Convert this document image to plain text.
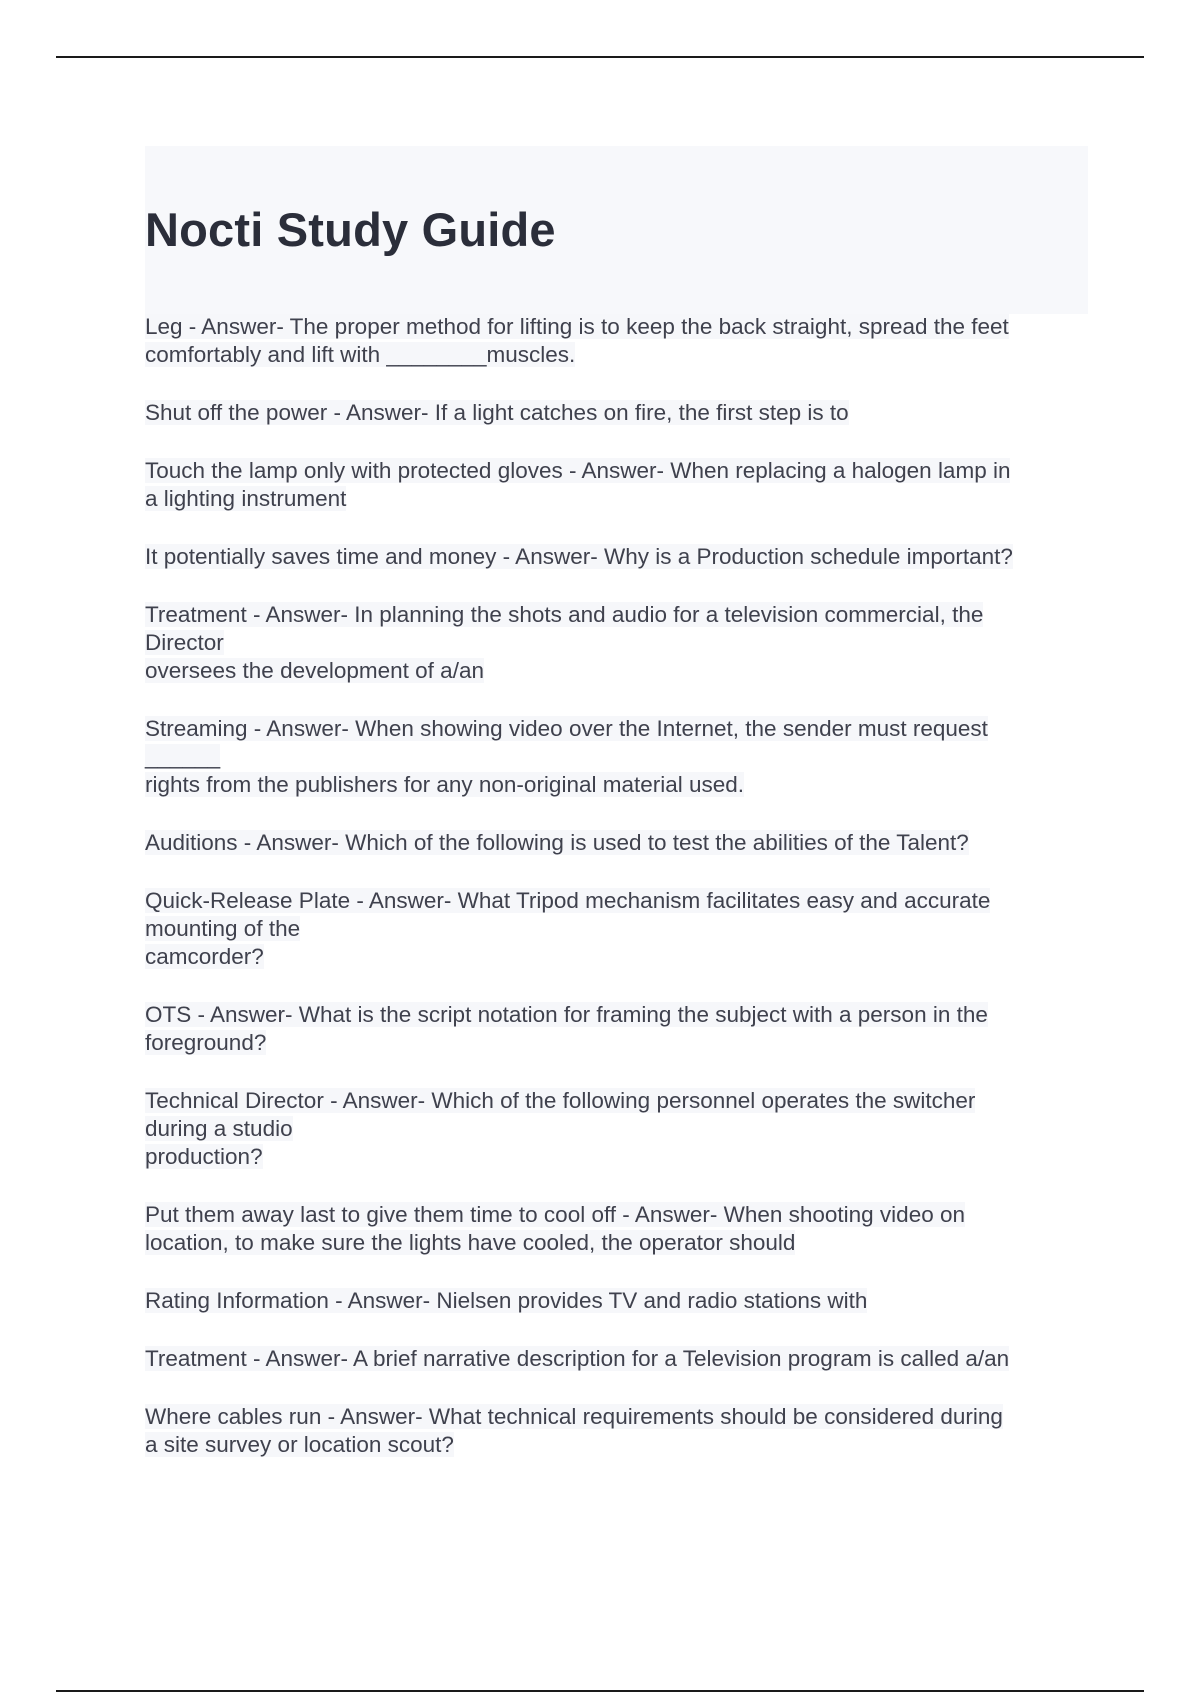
Nocti Study Guide

Leg - Answer- The proper method for lifting is to keep the back straight, spread the feet
comfortably and lift with ________muscles.

Shut off the power - Answer- If a light catches on fire, the first step is to

Touch the lamp only with protected gloves - Answer- When replacing a halogen lamp in
a lighting instrument

It potentially saves time and money - Answer- Why is a Production schedule important?

Treatment - Answer- In planning the shots and audio for a television commercial, the
Director
oversees the development of a/an

Streaming - Answer- When showing video over the Internet, the sender must request
______
rights from the publishers for any non-original material used.

Auditions - Answer- Which of the following is used to test the abilities of the Talent?

Quick-Release Plate - Answer- What Tripod mechanism facilitates easy and accurate
mounting of the
camcorder?

OTS - Answer- What is the script notation for framing the subject with a person in the
foreground?

Technical Director - Answer- Which of the following personnel operates the switcher
during a studio
production?

Put them away last to give them time to cool off - Answer- When shooting video on
location, to make sure the lights have cooled, the operator should

Rating Information - Answer- Nielsen provides TV and radio stations with

Treatment - Answer- A brief narrative description for a Television program is called a/an

Where cables run - Answer- What technical requirements should be considered during
a site survey or location scout?
